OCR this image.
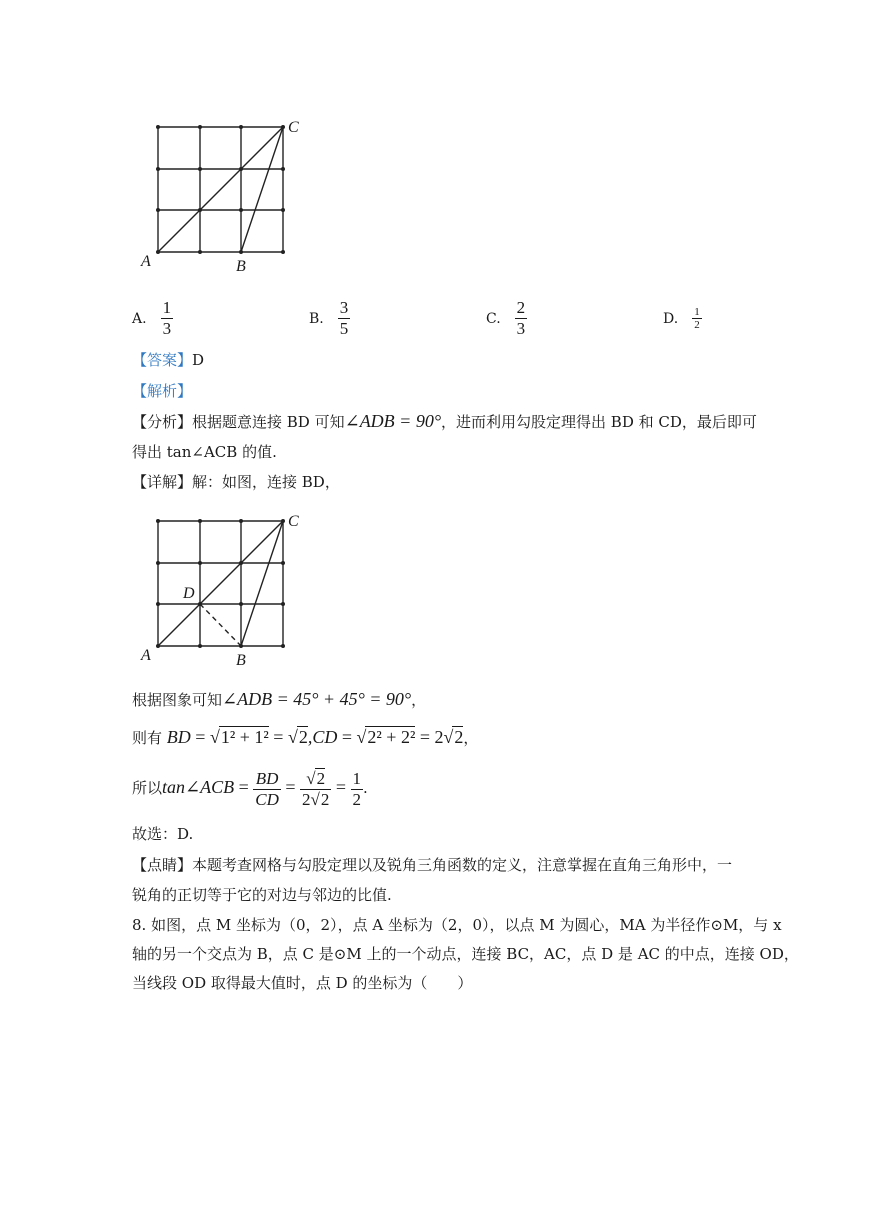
A	B
C
A. $\frac{1}{3}$	B. $\frac{3}{5}$	C. $\frac{2}{3}$	D. $\frac{1}{2}$
【答案】D
【解析】
【分析】根据题意连接 BD 可知∠ADB = 90°，进而利用勾股定理得出 BD 和 CD，最后即可
得出 tan∠ACB 的值.
【详解】解：如图，连接 BD，
A	B
C
D
根据图象可知∠ADB = 45° + 45° = 90°，
则有 BD = √1² + 1² = √2,CD = √2² + 2² = 2√2，
所以tan∠ACB = $\frac{BD}{CD} = \frac{√2}{2√2} = \frac{1}{2}$ .
故选：D.
【点睛】本题考查网格与勾股定理以及锐角三角函数的定义，注意掌握在直角三角形中，一
锐角的正切等于它的对边与邻边的比值.
8. 如图，点 M 坐标为（0，2），点 A 坐标为（2，0），以点 M 为圆心，MA 为半径作⊙M，与 x
轴的另一个交点为 B，点 C 是⊙M 上的一个动点，连接 BC，AC，点 D 是 AC 的中点，连接 OD，
当线段 OD 取得最大值时，点 D 的坐标为（　　）
